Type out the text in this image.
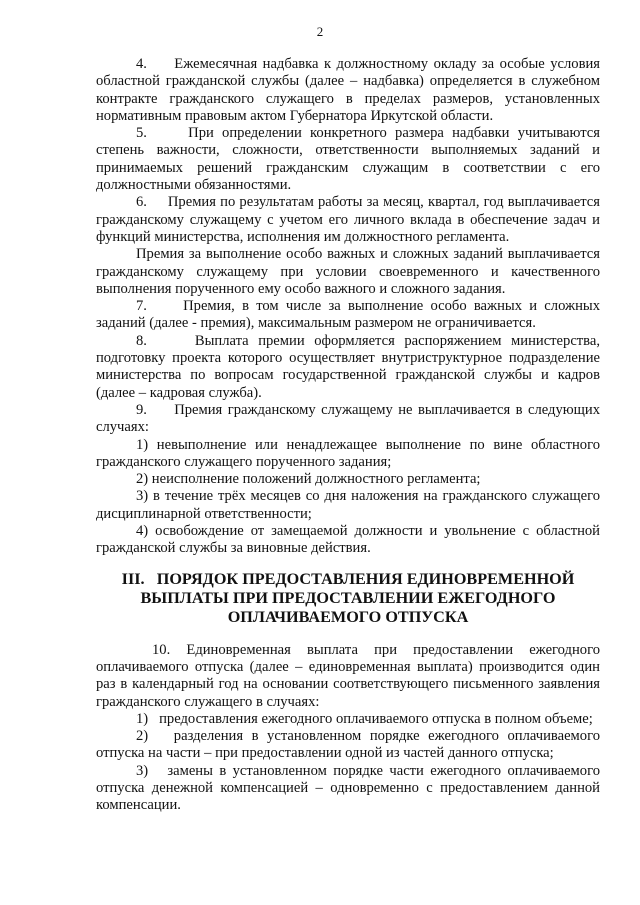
2

4.     Ежемесячная надбавка к должностному окладу за особые условия областной гражданской службы (далее – надбавка) определяется в служебном контракте гражданского служащего в пределах размеров, установленных нормативным правовым актом Губернатора Иркутской области.

5.     При определении конкретного размера надбавки учитываются степень важности, сложности, ответственности выполняемых заданий и принимаемых решений гражданским служащим в соответствии с его должностными обязанностями.

6.     Премия по результатам работы за месяц, квартал, год выплачивается гражданскому служащему с учетом его личного вклада в обеспечение задач и функций министерства, исполнения им должностного регламента.

Премия за выполнение особо важных и сложных заданий выплачивается гражданскому служащему при условии своевременного и качественного выполнения порученного ему особо важного и сложного задания.

7.     Премия, в том числе за выполнение особо важных и сложных заданий (далее - премия), максимальным размером не ограничивается.

8.     Выплата премии оформляется распоряжением министерства, подготовку проекта которого осуществляет внутриструктурное подразделение министерства по вопросам государственной гражданской службы и кадров (далее – кадровая служба).

9.     Премия гражданскому служащему не выплачивается в следующих случаях:

1) невыполнение или ненадлежащее выполнение по вине областного гражданского служащего порученного задания;

2) неисполнение положений должностного регламента;

3) в течение трёх месяцев со дня наложения на гражданского служащего дисциплинарной ответственности;

4) освобождение от замещаемой должности и увольнение с областной гражданской службы за виновные действия.

III.   ПОРЯДОК ПРЕДОСТАВЛЕНИЯ ЕДИНОВРЕМЕННОЙ ВЫПЛАТЫ ПРИ ПРЕДОСТАВЛЕНИИ ЕЖЕГОДНОГО ОПЛАЧИВАЕМОГО ОТПУСКА

10. Единовременная выплата при предоставлении ежегодного оплачиваемого отпуска (далее – единовременная выплата) производится один раз в календарный год на основании соответствующего письменного заявления гражданского служащего в случаях:

1)   предоставления ежегодного оплачиваемого отпуска в полном объеме;

2)   разделения в установленном порядке ежегодного оплачиваемого отпуска на части – при предоставлении одной из частей данного отпуска;

3)   замены в установленном порядке части ежегодного оплачиваемого отпуска денежной компенсацией – одновременно с предоставлением данной компенсации.
